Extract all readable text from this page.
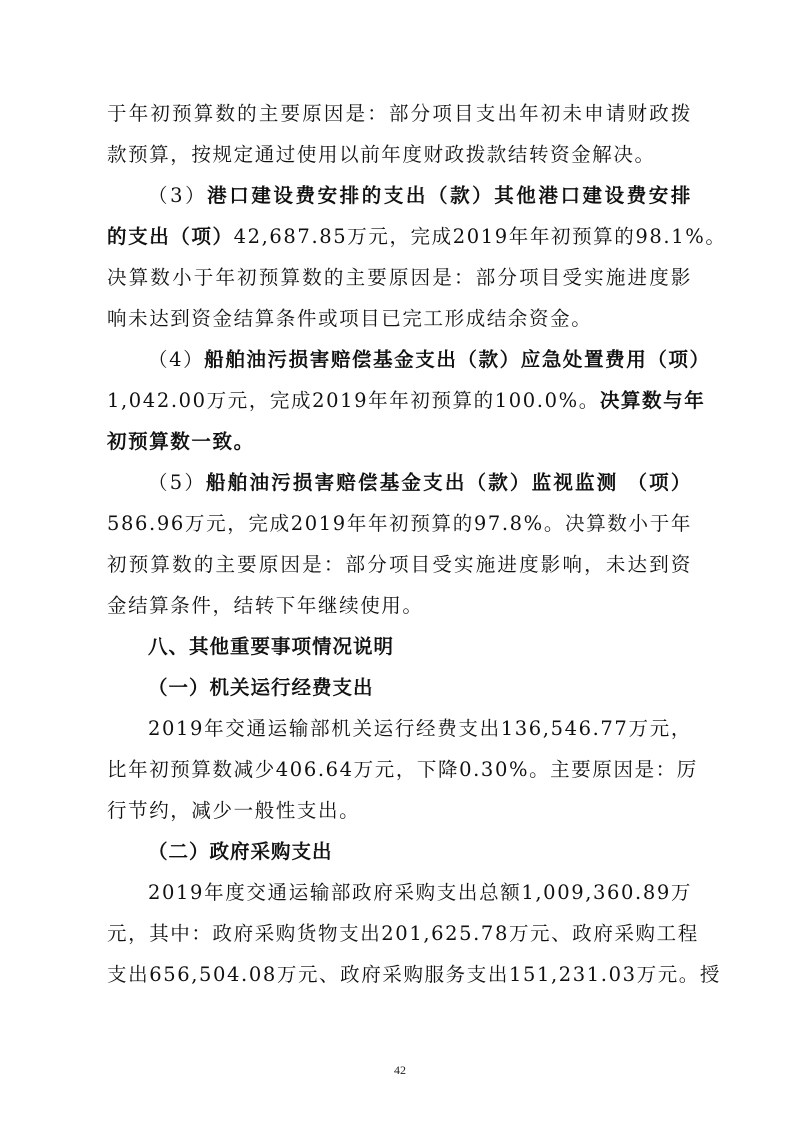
于年初预算数的主要原因是：部分项目支出年初未申请财政拨
款预算，按规定通过使用以前年度财政拨款结转资金解决。
（3）港口建设费安排的支出（款）其他港口建设费安排
的支出（项）42,687.85万元，完成2019年年初预算的98.1%。
决算数小于年初预算数的主要原因是：部分项目受实施进度影
响未达到资金结算条件或项目已完工形成结余资金。
（4）船舶油污损害赔偿基金支出（款）应急处置费用（项）
1,042.00万元，完成2019年年初预算的100.0%。决算数与年
初预算数一致。
（5）船舶油污损害赔偿基金支出（款）监视监测 （项）
586.96万元，完成2019年年初预算的97.8%。决算数小于年
初预算数的主要原因是：部分项目受实施进度影响，未达到资
金结算条件，结转下年继续使用。
八、其他重要事项情况说明
（一）机关运行经费支出
2019年交通运输部机关运行经费支出136,546.77万元，
比年初预算数减少406.64万元，下降0.30%。主要原因是：厉
行节约，减少一般性支出。
（二）政府采购支出
2019年度交通运输部政府采购支出总额1,009,360.89万
元，其中：政府采购货物支出201,625.78万元、政府采购工程
支出656,504.08万元、政府采购服务支出151,231.03万元。授
42
